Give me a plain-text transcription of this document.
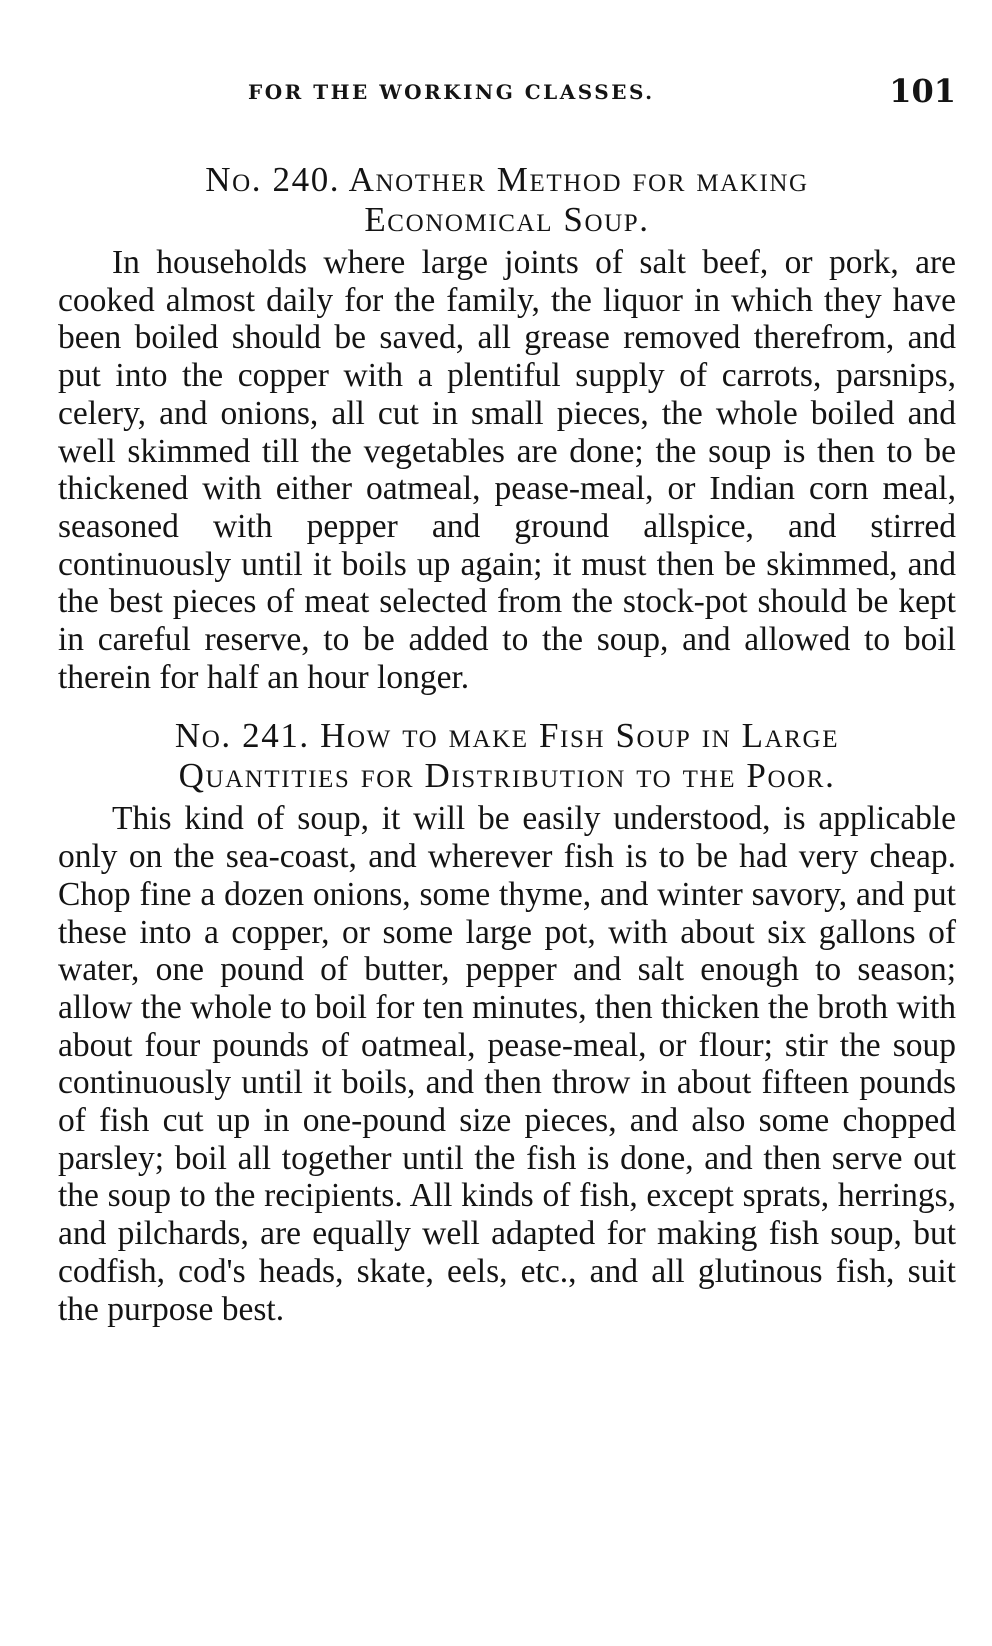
FOR THE WORKING CLASSES.	101
No. 240. Another Method for making
Economical Soup.

In households where large joints of salt beef, or pork, are cooked almost daily for the family, the liquor in which they have been boiled should be saved, all grease removed therefrom, and put into the copper with a plentiful supply of carrots, parsnips, celery, and onions, all cut in small pieces, the whole boiled and well skimmed till the vegetables are done; the soup is then to be thickened with either oatmeal, pease-meal, or Indian corn meal, seasoned with pepper and ground allspice, and stirred continuously until it boils up again; it must then be skimmed, and the best pieces of meat selected from the stock-pot should be kept in careful reserve, to be added to the soup, and allowed to boil therein for half an hour longer.

No. 241. How to make Fish Soup in Large
Quantities for Distribution to the Poor.

This kind of soup, it will be easily understood, is applicable only on the sea-coast, and wherever fish is to be had very cheap. Chop fine a dozen onions, some thyme, and winter savory, and put these into a copper, or some large pot, with about six gallons of water, one pound of butter, pepper and salt enough to season; allow the whole to boil for ten minutes, then thicken the broth with about four pounds of oatmeal, pease-meal, or flour; stir the soup continuously until it boils, and then throw in about fifteen pounds of fish cut up in one-pound size pieces, and also some chopped parsley; boil all together until the fish is done, and then serve out the soup to the recipients. All kinds of fish, except sprats, herrings, and pilchards, are equally well adapted for making fish soup, but codfish, cod's heads, skate, eels, etc., and all glutinous fish, suit the purpose best.
